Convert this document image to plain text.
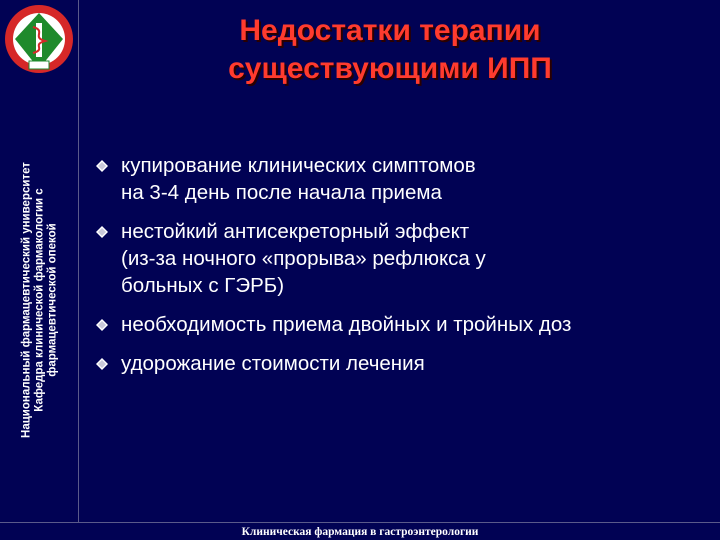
Национальный фармацевтический университет Кафедра клинической фармакологии с фармацевтической опекой
Недостатки терапии
существующими ИПП
купирование клинических симптомов
на 3-4 день после начала приема
нестойкий антисекреторный эффект
(из-за ночного «прорыва» рефлюкса у
больных с ГЭРБ)
необходимость приема двойных и тройных доз
удорожание стоимости лечения
Клиническая фармация в гастроэнтерологии
